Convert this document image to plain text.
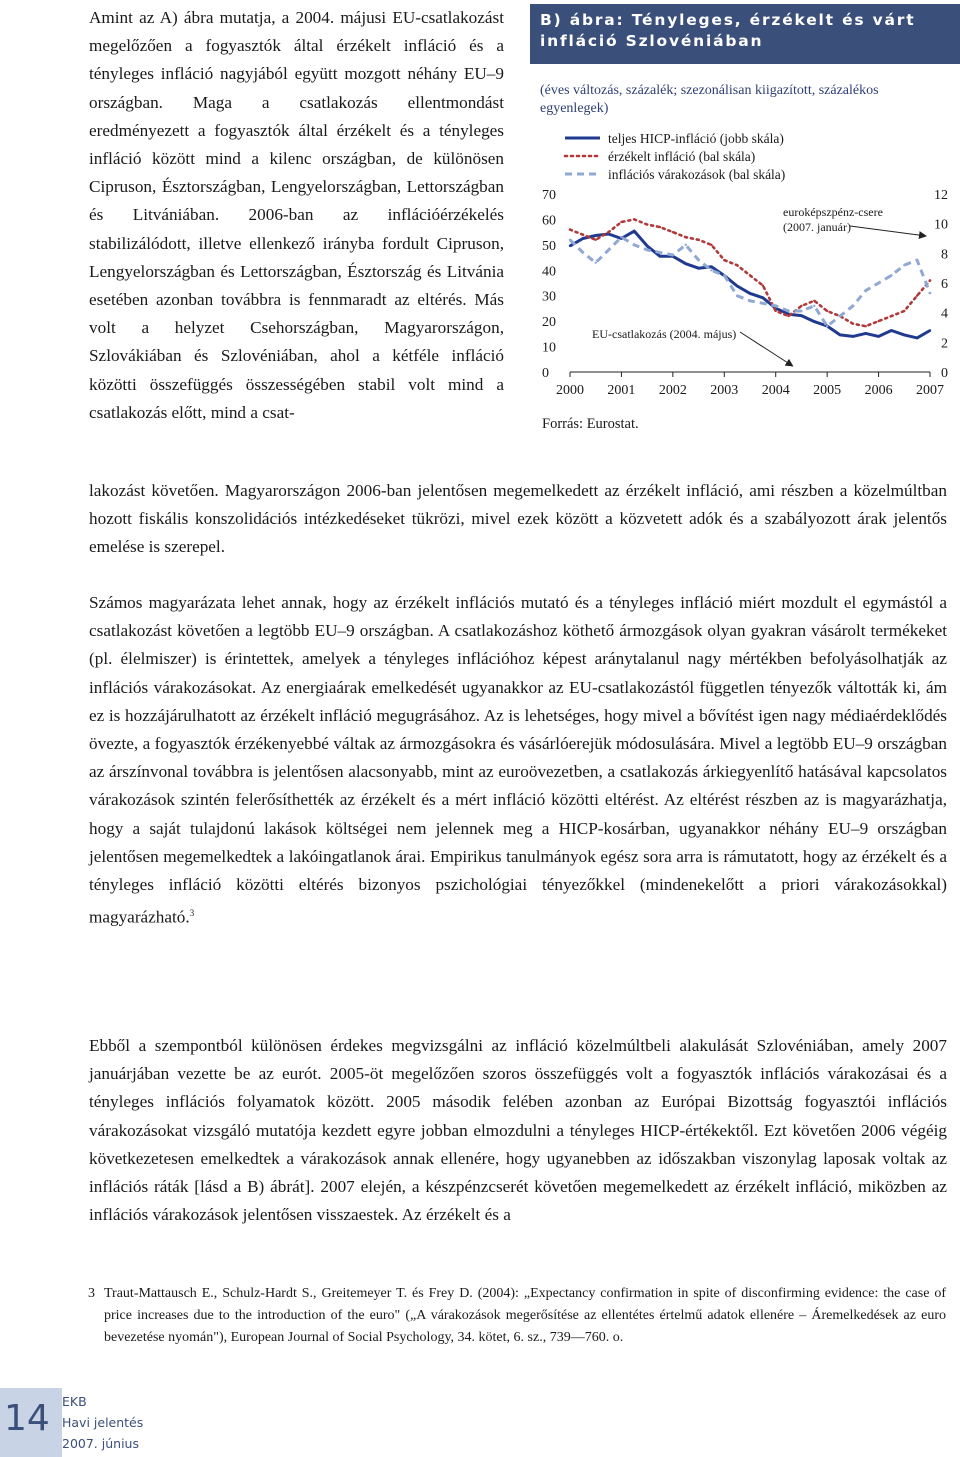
Amint az A) ábra mutatja, a 2004. májusi EU-csatlakozást megelőzően a fogyasztók által érzékelt infláció és a tényleges infláció nagyjából együtt mozgott néhány EU–9 országban. Maga a csatlakozás ellentmondást eredményezett a fogyasztók által érzékelt és a tényleges infláció között mind a kilenc országban, de különösen Cipruson, Észtországban, Lengyelországban, Lettországban és Litvániában. 2006-ban az inflációérzékelés stabilizálódott, illetve ellenkező irányba fordult Cipruson, Lengyelországban és Lettországban, Észtország és Litvánia esetében azonban továbbra is fennmaradt az eltérés. Más volt a helyzet Csehországban, Magyarországon, Szlovákiában és Szlovéniában, ahol a kétféle infláció közötti összefüggés összességében stabil volt mind a csatlakozás előtt, mind a csat-

B) ábra: Tényleges, érzékelt és várt infláció Szlovéniában
(éves változás, százalék; szezonálisan kiigazított, százalékos egyenlegek)
teljes HICP-infláció (jobb skála)
érzékelt infláció (bal skála)
inflációs várakozások (bal skála)
0
10
20
30
40
50
60
70
0
2
4
6
8
10
12
2000 2001 2002 2003 2004 2005 2006 2007
euroképszpénz-csere
(2007. január)
EU-csatlakozás (2004. május)
Forrás: Eurostat.

lakozást követően. Magyarországon 2006-ban jelentősen megemelkedett az érzékelt infláció, ami részben a közelmúltban hozott fiskális konszolidációs intézkedéseket tükrözi, mivel ezek között a közvetett adók és a szabályozott árak jelentős emelése is szerepel.

Számos magyarázata lehet annak, hogy az érzékelt inflációs mutató és a tényleges infláció miért mozdult el egymástól a csatlakozást követően a legtöbb EU–9 országban. A csatlakozáshoz köthető ármozgások olyan gyakran vásárolt termékeket (pl. élelmiszer) is érintettek, amelyek a tényleges inflációhoz képest aránytalanul nagy mértékben befolyásolhatják az inflációs várakozásokat. Az energiaárak emelkedését ugyanakkor az EU-csatlakozástól független tényezők váltották ki, ám ez is hozzájárulhatott az érzékelt infláció megugrásához. Az is lehetséges, hogy mivel a bővítést igen nagy médiaérdeklődés övezte, a fogyasztók érzékenyebbé váltak az ármozgásokra és vásárlóerejük módosulására. Mivel a legtöbb EU–9 országban az árszínvonal továbbra is jelentősen alacsonyabb, mint az euroövezetben, a csatlakozás árkiegyenlítő hatásával kapcsolatos várakozások szintén felerősíthették az érzékelt és a mért infláció közötti eltérést. Az eltérést részben az is magyarázhatja, hogy a saját tulajdonú lakások költségei nem jelennek meg a HICP-kosárban, ugyanakkor néhány EU–9 országban jelentősen megemelkedtek a lakóingatlanok árai. Empirikus tanulmányok egész sora arra is rámutatott, hogy az érzékelt és a tényleges infláció közötti eltérés bizonyos pszichológiai tényezőkkel (mindenekelőtt a priori várakozásokkal) magyarázható.$^3$

Ebből a szempontból különösen érdekes megvizsgálni az infláció közelmúltbeli alakulását Szlovéniában, amely 2007 januárjában vezette be az eurót. 2005-öt megelőzően szoros összefüggés volt a fogyasztók inflációs várakozásai és a tényleges inflációs folyamatok között. 2005 második felében azonban az Európai Bizottság fogyasztói inflációs várakozásokat vizsgáló mutatója kezdett egyre jobban elmozdulni a tényleges HICP-értékektől. Ezt követően 2006 végéig következetesen emelkedtek a várakozások annak ellenére, hogy ugyanebben az időszakban viszonylag laposak voltak az inflációs ráták [lásd a B) ábrát]. 2007 elején, a készpénzcserét követően megemelkedett az érzékelt infláció, miközben az inflációs várakozások jelentősen visszaestek. Az érzékelt és a

3 Traut-Mattausch E., Schulz-Hardt S., Greitemeyer T. és Frey D. (2004): „Expectancy confirmation in spite of disconfirming evidence: the case of price increases due to the introduction of the euro" („A várakozások megerősítése az ellentétes értelmű adatok ellenére – Áremelkedések az euro bevezetése nyomán"), European Journal of Social Psychology, 34. kötet, 6. sz., 739—760. o.
14 EKB
Havi jelentés
2007. június
